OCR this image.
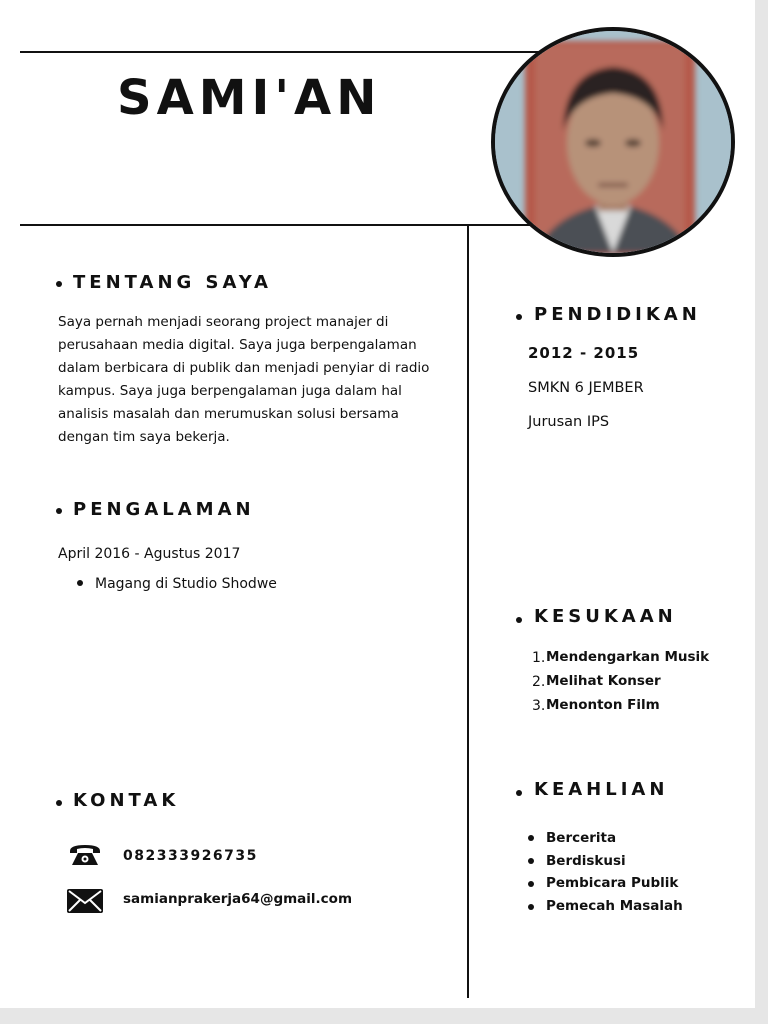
SAMI'AN
TENTANG SAYA
Saya pernah menjadi seorang project manajer di perusahaan media digital. Saya juga berpengalaman dalam berbicara di publik dan menjadi penyiar di radio kampus. Saya juga berpengalaman juga dalam hal analisis masalah dan merumuskan solusi bersama dengan tim saya bekerja.
PENGALAMAN
April 2016 - Agustus 2017
Magang di Studio Shodwe
KONTAK
082333926735
samianprakerja64@gmail.com
PENDIDIKAN
2012 - 2015
SMKN 6 JEMBER
Jurusan IPS
KESUKAAN
1. Mendengarkan Musik
2. Melihat Konser
3. Menonton Film
KEAHLIAN
Bercerita
Berdiskusi
Pembicara Publik
Pemecah Masalah
